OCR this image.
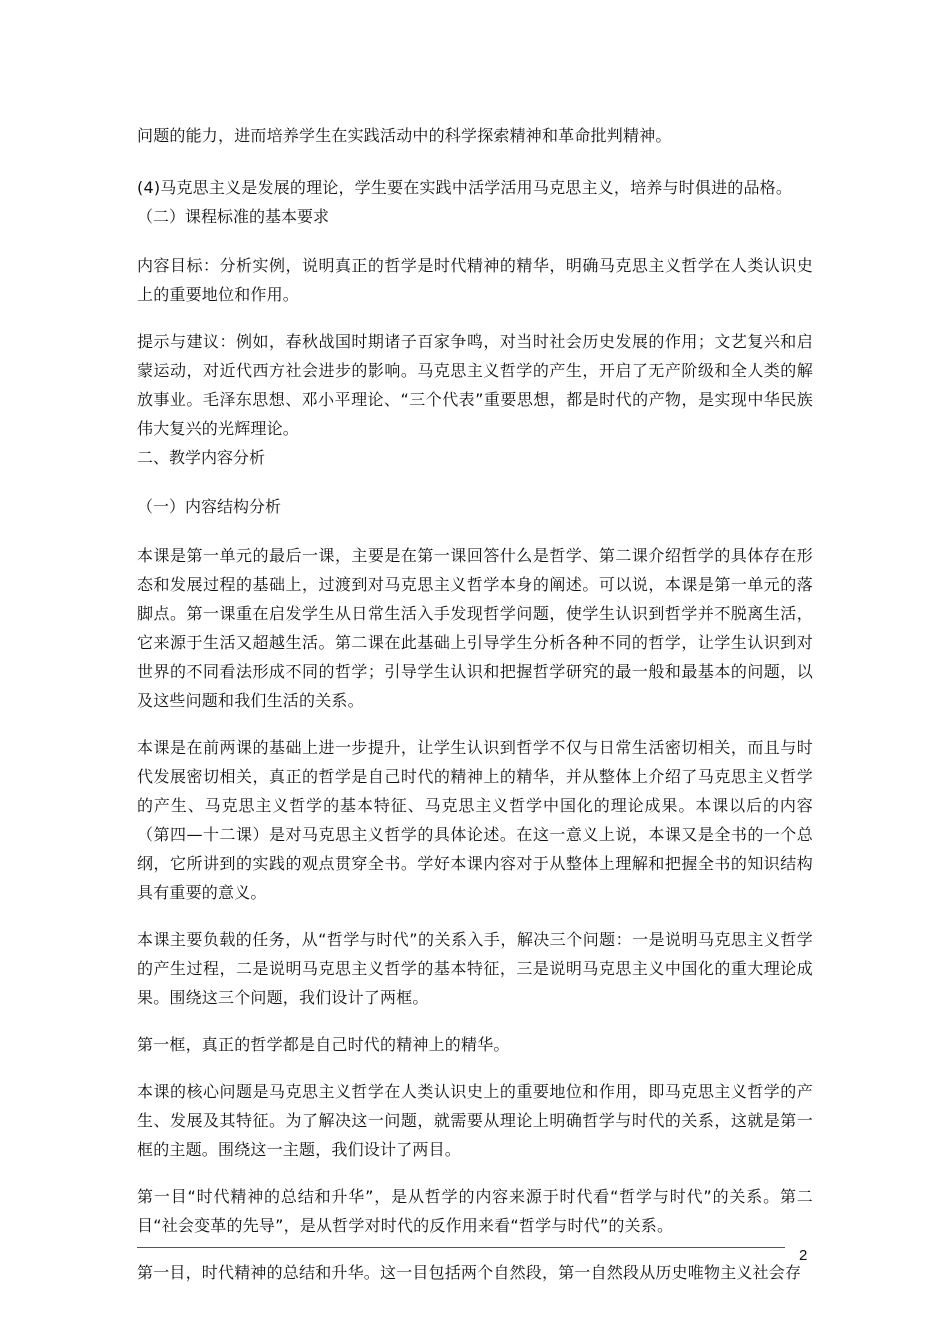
问题的能力，进而培养学生在实践活动中的科学探索精神和革命批判精神。

(4)马克思主义是发展的理论，学生要在实践中活学活用马克思主义，培养与时俱进的品格。

（二）课程标准的基本要求

内容目标：分析实例，说明真正的哲学是时代精神的精华，明确马克思主义哲学在人类认识史上的重要地位和作用。

提示与建议：例如，春秋战国时期诸子百家争鸣，对当时社会历史发展的作用；文艺复兴和启蒙运动，对近代西方社会进步的影响。马克思主义哲学的产生，开启了无产阶级和全人类的解放事业。毛泽东思想、邓小平理论、“三个代表”重要思想，都是时代的产物，是实现中华民族伟大复兴的光辉理论。

二、教学内容分析

（一）内容结构分析

本课是第一单元的最后一课，主要是在第一课回答什么是哲学、第二课介绍哲学的具体存在形态和发展过程的基础上，过渡到对马克思主义哲学本身的阐述。可以说，本课是第一单元的落脚点。第一课重在启发学生从日常生活入手发现哲学问题，使学生认识到哲学并不脱离生活，它来源于生活又超越生活。第二课在此基础上引导学生分析各种不同的哲学，让学生认识到对世界的不同看法形成不同的哲学；引导学生认识和把握哲学研究的最一般和最基本的问题，以及这些问题和我们生活的关系。

本课是在前两课的基础上进一步提升，让学生认识到哲学不仅与日常生活密切相关，而且与时代发展密切相关，真正的哲学是自己时代的精神上的精华，并从整体上介绍了马克思主义哲学的产生、马克思主义哲学的基本特征、马克思主义哲学中国化的理论成果。本课以后的内容（第四—十二课）是对马克思主义哲学的具体论述。在这一意义上说，本课又是全书的一个总纲，它所讲到的实践的观点贯穿全书。学好本课内容对于从整体上理解和把握全书的知识结构具有重要的意义。

本课主要负载的任务，从“哲学与时代”的关系入手，解决三个问题：一是说明马克思主义哲学的产生过程，二是说明马克思主义哲学的基本特征，三是说明马克思主义中国化的重大理论成果。围绕这三个问题，我们设计了两框。

第一框，真正的哲学都是自己时代的精神上的精华。

本课的核心问题是马克思主义哲学在人类认识史上的重要地位和作用，即马克思主义哲学的产生、发展及其特征。为了解决这一问题，就需要从理论上明确哲学与时代的关系，这就是第一框的主题。围绕这一主题，我们设计了两目。

第一目“时代精神的总结和升华”，是从哲学的内容来源于时代看“哲学与时代”的关系。第二目“社会变革的先导”，是从哲学对时代的反作用来看“哲学与时代”的关系。

第一目，时代精神的总结和升华。这一目包括两个自然段，第一自然段从历史唯物主义社会存

2
